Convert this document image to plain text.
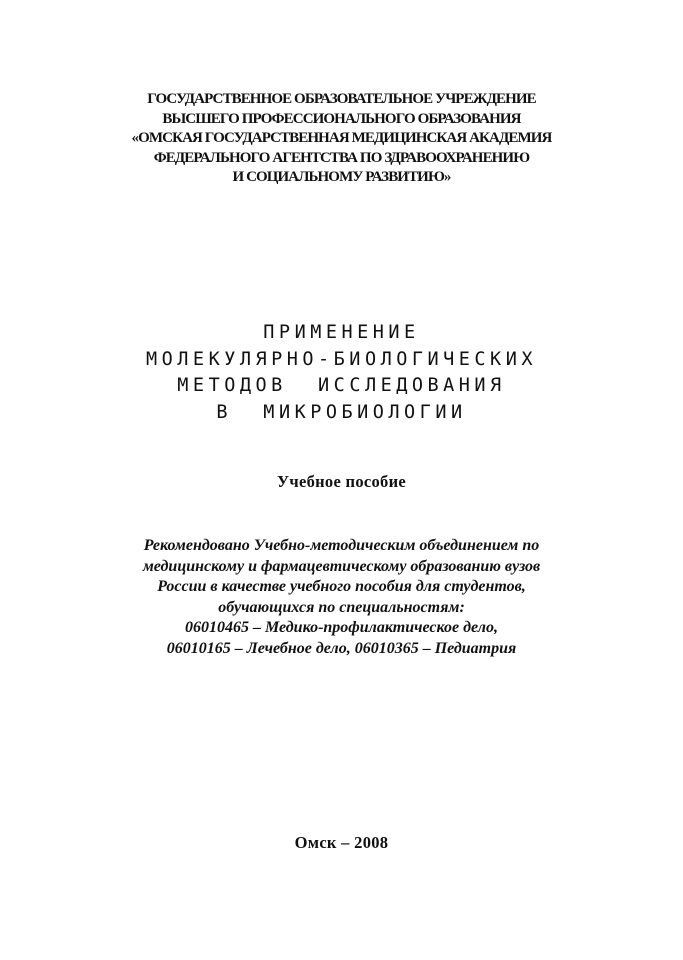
ГОСУДАРСТВЕННОЕ ОБРАЗОВАТЕЛЬНОЕ УЧРЕЖДЕНИЕ
ВЫСШЕГО ПРОФЕССИОНАЛЬНОГО ОБРАЗОВАНИЯ
«ОМСКАЯ ГОСУДАРСТВЕННАЯ МЕДИЦИНСКАЯ АКАДЕМИЯ
ФЕДЕРАЛЬНОГО АГЕНТСТВА ПО ЗДРАВООХРАНЕНИЮ
И СОЦИАЛЬНОМУ РАЗВИТИЮ»
ПРИМЕНЕНИЕ
МОЛЕКУЛЯРНО-БИОЛОГИЧЕСКИХ
МЕТОДОВ  ИССЛЕДОВАНИЯ
В  МИКРОБИОЛОГИИ
Учебное пособие
Рекомендовано Учебно-методическим объединением по
медицинскому и фармацевтическому образованию вузов
России в качестве учебного пособия для студентов,
обучающихся по специальностям:
06010465 – Медико-профилактическое дело,
06010165 – Лечебное дело, 06010365 – Педиатрия
Омск – 2008
